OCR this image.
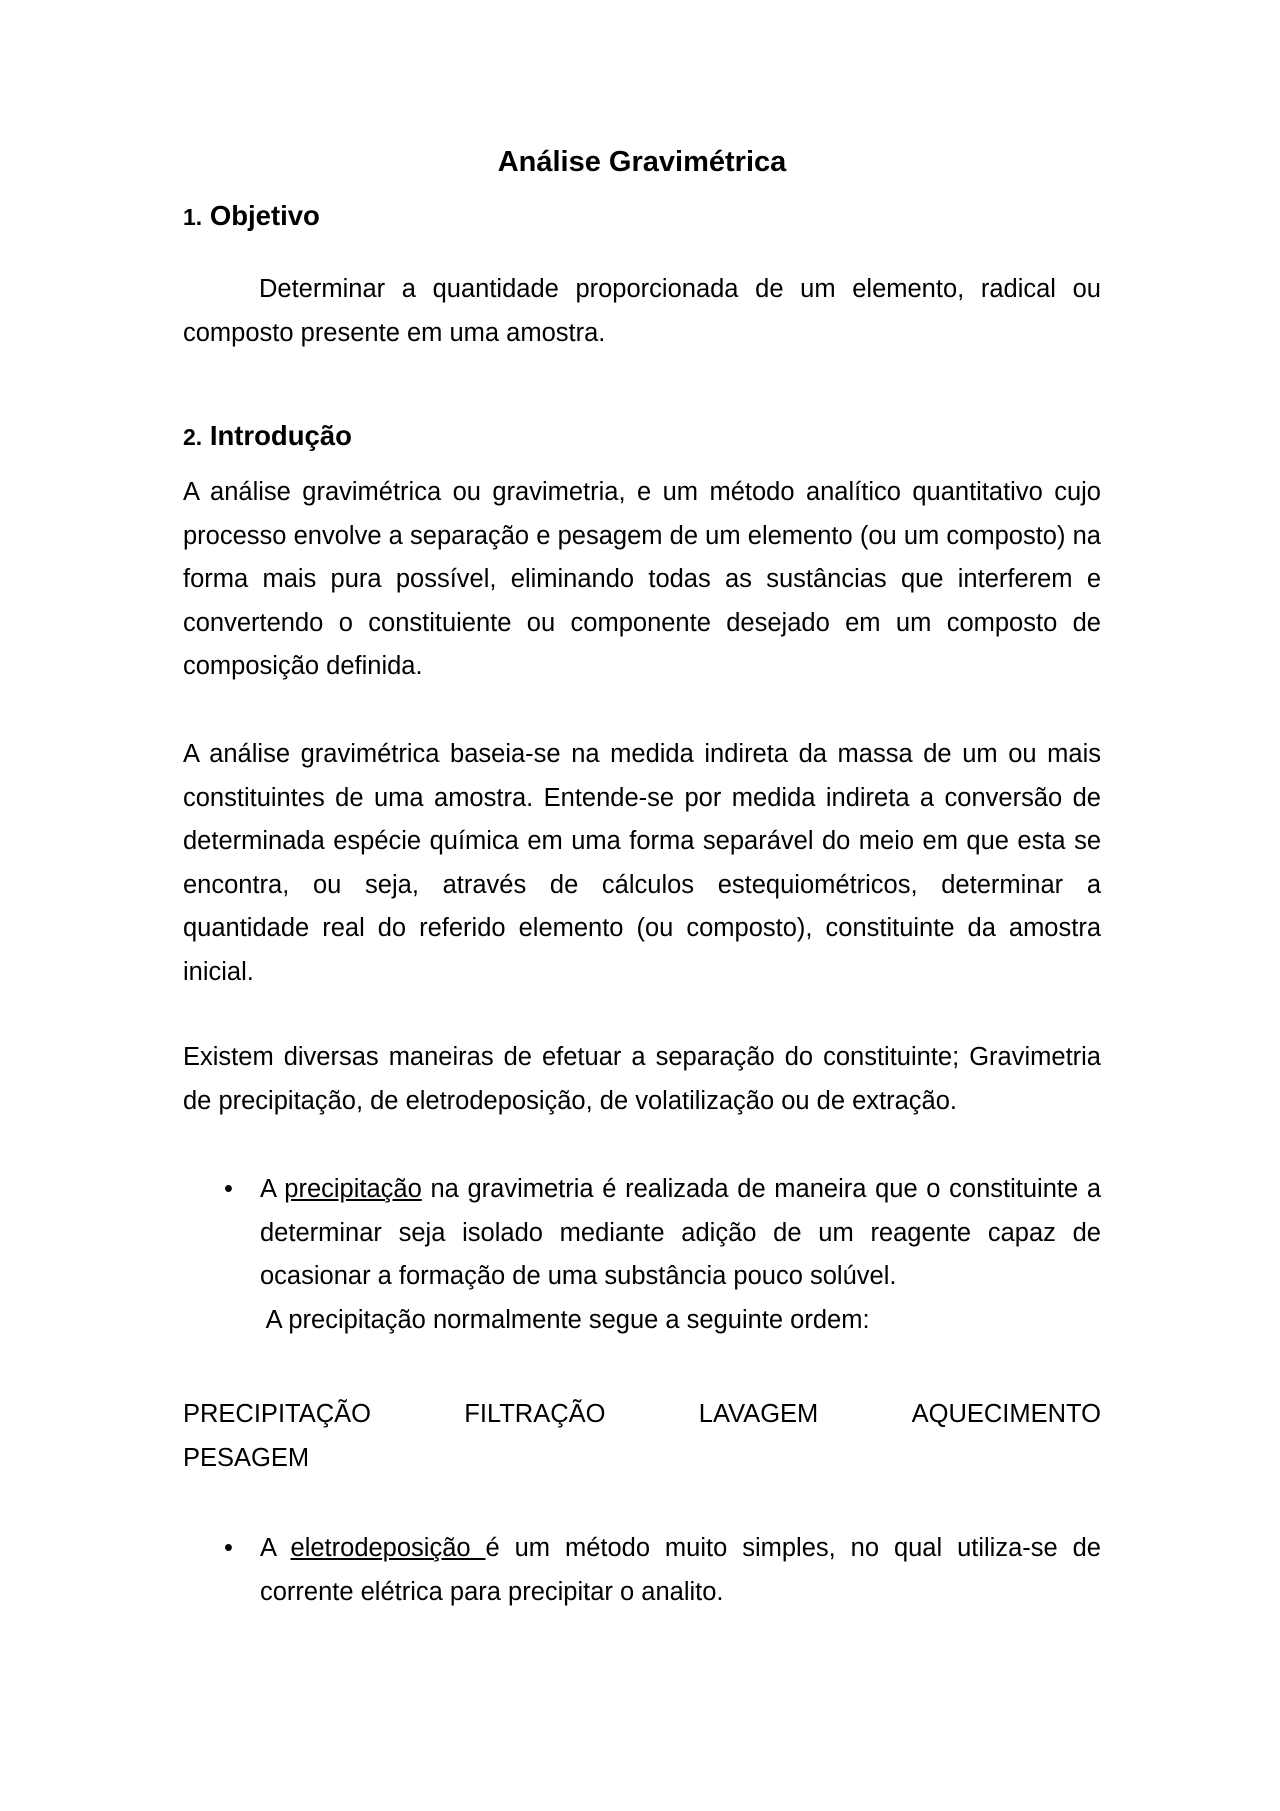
Análise Gravimétrica
1. Objetivo
Determinar a quantidade proporcionada de um elemento, radical ou composto presente em uma amostra.
2. Introdução
A análise gravimétrica ou gravimetria, e um método analítico quantitativo cujo processo envolve a separação e pesagem de um elemento (ou um composto) na forma mais pura possível, eliminando todas as sustâncias que interferem e convertendo o constituiente ou componente desejado em um composto de composição definida.
A análise gravimétrica baseia-se na medida indireta da massa de um ou mais constituintes de uma amostra. Entende-se por medida indireta a conversão de determinada espécie química em uma forma separável do meio em que esta se encontra, ou seja, através de cálculos estequiométricos, determinar a quantidade real do referido elemento (ou composto), constituinte da amostra inicial.
Existem diversas maneiras de efetuar a separação do constituinte; Gravimetria de precipitação, de eletrodeposição, de volatilização ou de extração.
• A precipitação na gravimetria é realizada de maneira que o constituinte a determinar seja isolado mediante adição de um reagente capaz de ocasionar a formação de uma substância pouco solúvel.
A precipitação normalmente segue a seguinte ordem:
PRECIPITAÇÃO	FILTRAÇÃO	LAVAGEM	AQUECIMENTO
PESAGEM
• A eletrodeposição é um método muito simples, no qual utiliza-se de corrente elétrica para precipitar o analito.
